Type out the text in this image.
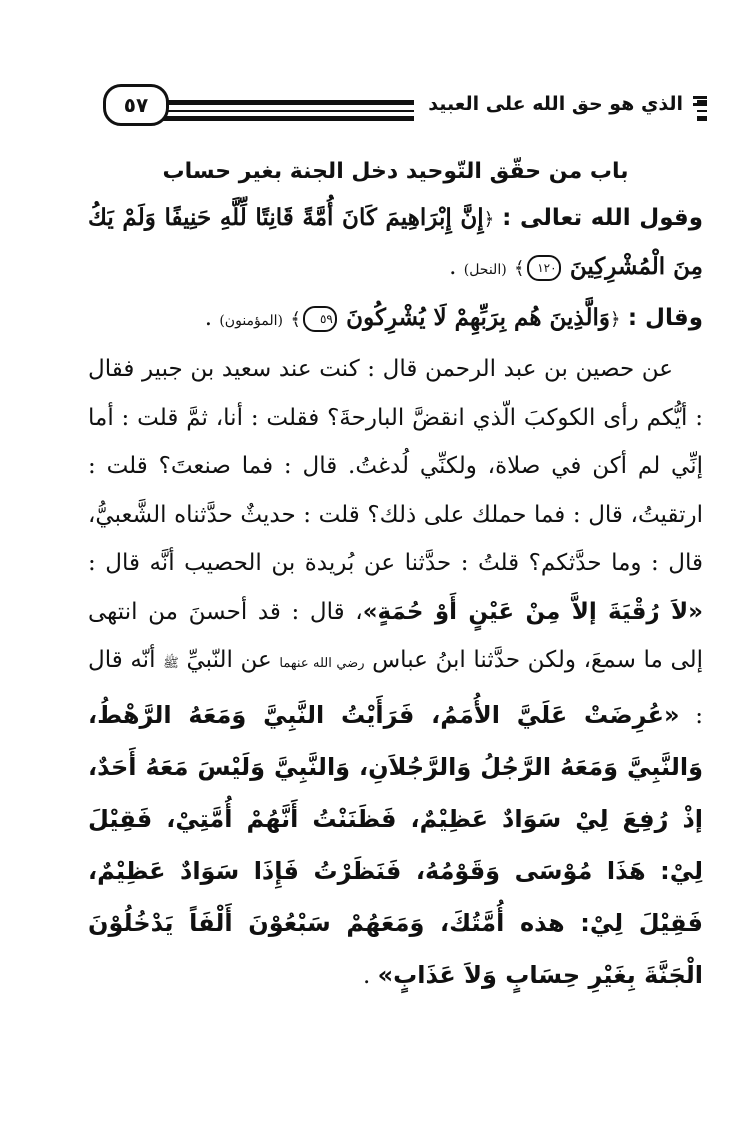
الذي هو حق الله على العبيد
٥٧
باب من حقّق التّوحيد دخل الجنة بغير حساب

وقول الله تعالى : ﴿إِنَّ إِبْرَاهِيمَ كَانَ أُمَّةً قَانِتًا لِّلَّهِ حَنِيفًا وَلَمْ يَكُ مِنَ الْمُشْرِكِينَ ١٢٠﴾ (النحل) .

وقال : ﴿وَالَّذِينَ هُم بِرَبِّهِمْ لَا يُشْرِكُونَ ٥٩﴾ (المؤمنون) .

عن حصين بن عبد الرحمن قال : كنت عند سعيد بن جبير فقال : أيُّكم رأى الكوكبَ الّذي انقضَّ البارحةَ؟ فقلت : أنا، ثمَّ قلت : أما إنِّي لم أكن في صلاة، ولكنِّي لُدغتُ. قال : فما صنعتَ؟ قلت : ارتقيتُ، قال : فما حملك على ذلك؟ قلت : حديثٌ حدَّثناه الشَّعبيُّ، قال : وما حدَّثكم؟ قلتُ : حدَّثنا عن بُريدة بن الحصيب أنَّه قال : «لاَ رُقْيَةَ إلاَّ مِنْ عَيْنٍ أَوْ حُمَةٍ»، قال : قد أحسنَ من انتهى إلى ما سمعَ، ولكن حدَّثنا ابنُ عباس رضي الله عنهما عن النّبيِّ ﷺ أنّه قال : «عُرِضَتْ عَلَيَّ الأُمَمُ، فَرَأَيْتُ النَّبِيَّ وَمَعَهُ الرَّهْطُ، وَالنَّبِيَّ وَمَعَهُ الرَّجُلُ وَالرَّجُلاَنِ، وَالنَّبِيَّ وَلَيْسَ مَعَهُ أَحَدٌ، إذْ رُفِعَ لِيْ سَوَادٌ عَظِيْمٌ، فَظَنَنْتُ أَنَّهُمْ أُمَّتِيْ، فَقِيْلَ لِيْ: هَذَا مُوْسَى وَقَوْمُهُ، فَنَظَرْتُ فَإِذَا سَوَادٌ عَظِيْمٌ، فَقِيْلَ لِيْ: هذه أُمَّتُكَ، وَمَعَهُمْ سَبْعُوْنَ أَلْفَاً يَدْخُلُوْنَ الْجَنَّةَ بِغَيْرِ حِسَابٍ وَلاَ عَذَابٍ» .
